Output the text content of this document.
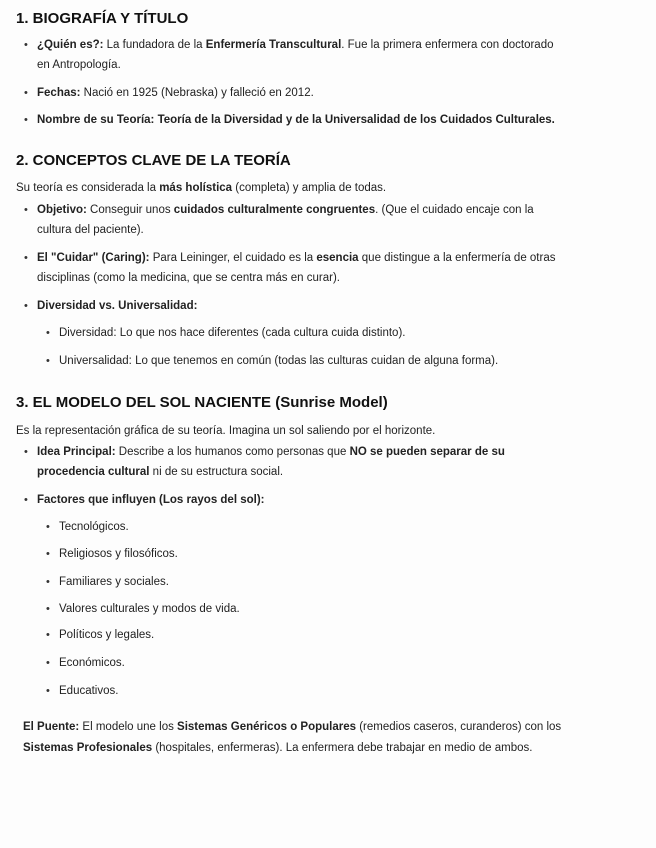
1. BIOGRAFÍA Y TÍTULO
• ¿Quién es?: La fundadora de la Enfermería Transcultural. Fue la primera enfermera con doctorado
en Antropología.
• Fechas: Nació en 1925 (Nebraska) y falleció en 2012.
• Nombre de su Teoría: Teoría de la Diversidad y de la Universalidad de los Cuidados Culturales.
2. CONCEPTOS CLAVE DE LA TEORÍA
Su teoría es considerada la más holística (completa) y amplia de todas.
• Objetivo: Conseguir unos cuidados culturalmente congruentes. (Que el cuidado encaje con la
cultura del paciente).
• El "Cuidar" (Caring): Para Leininger, el cuidado es la esencia que distingue a la enfermería de otras
disciplinas (como la medicina, que se centra más en curar).
• Diversidad vs. Universalidad:
• Diversidad: Lo que nos hace diferentes (cada cultura cuida distinto).
• Universalidad: Lo que tenemos en común (todas las culturas cuidan de alguna forma).
3. EL MODELO DEL SOL NACIENTE (Sunrise Model)
Es la representación gráfica de su teoría. Imagina un sol saliendo por el horizonte.
• Idea Principal: Describe a los humanos como personas que NO se pueden separar de su
procedencia cultural ni de su estructura social.
• Factores que influyen (Los rayos del sol):
• Tecnológicos.
• Religiosos y filosóficos.
• Familiares y sociales.
• Valores culturales y modos de vida.
• Políticos y legales.
• Económicos.
• Educativos.
El Puente: El modelo une los Sistemas Genéricos o Populares (remedios caseros, curanderos) con los
Sistemas Profesionales (hospitales, enfermeras). La enfermera debe trabajar en medio de ambos.
